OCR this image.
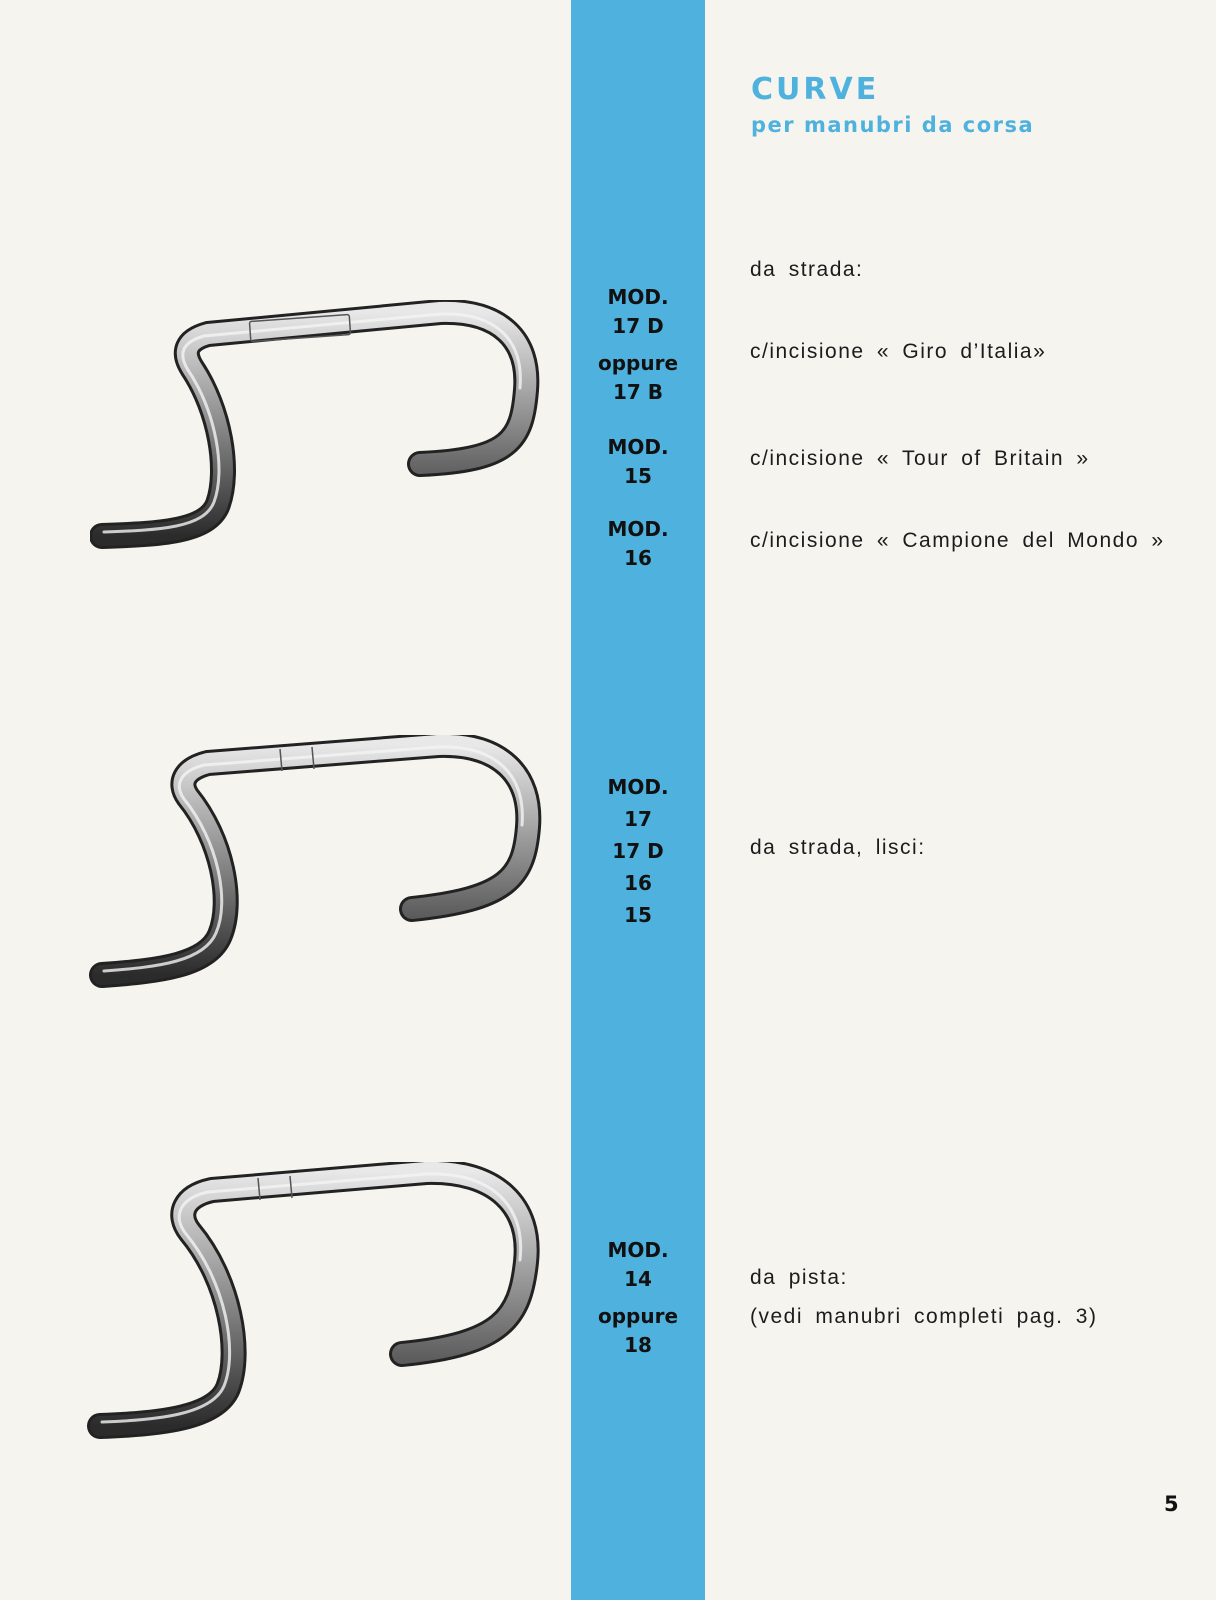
CURVE
per manubri da corsa

da strada:

MOD.
17 D
oppure
17 B

c/incisione « Giro d’Italia»

MOD.
15

c/incisione « Tour of Britain »

MOD.
16

c/incisione « Campione del Mondo »

MOD.
17
17 D
16
15

da strada, lisci:

MOD.
14
oppure
18

da pista:

(vedi manubri completi pag. 3)

5
